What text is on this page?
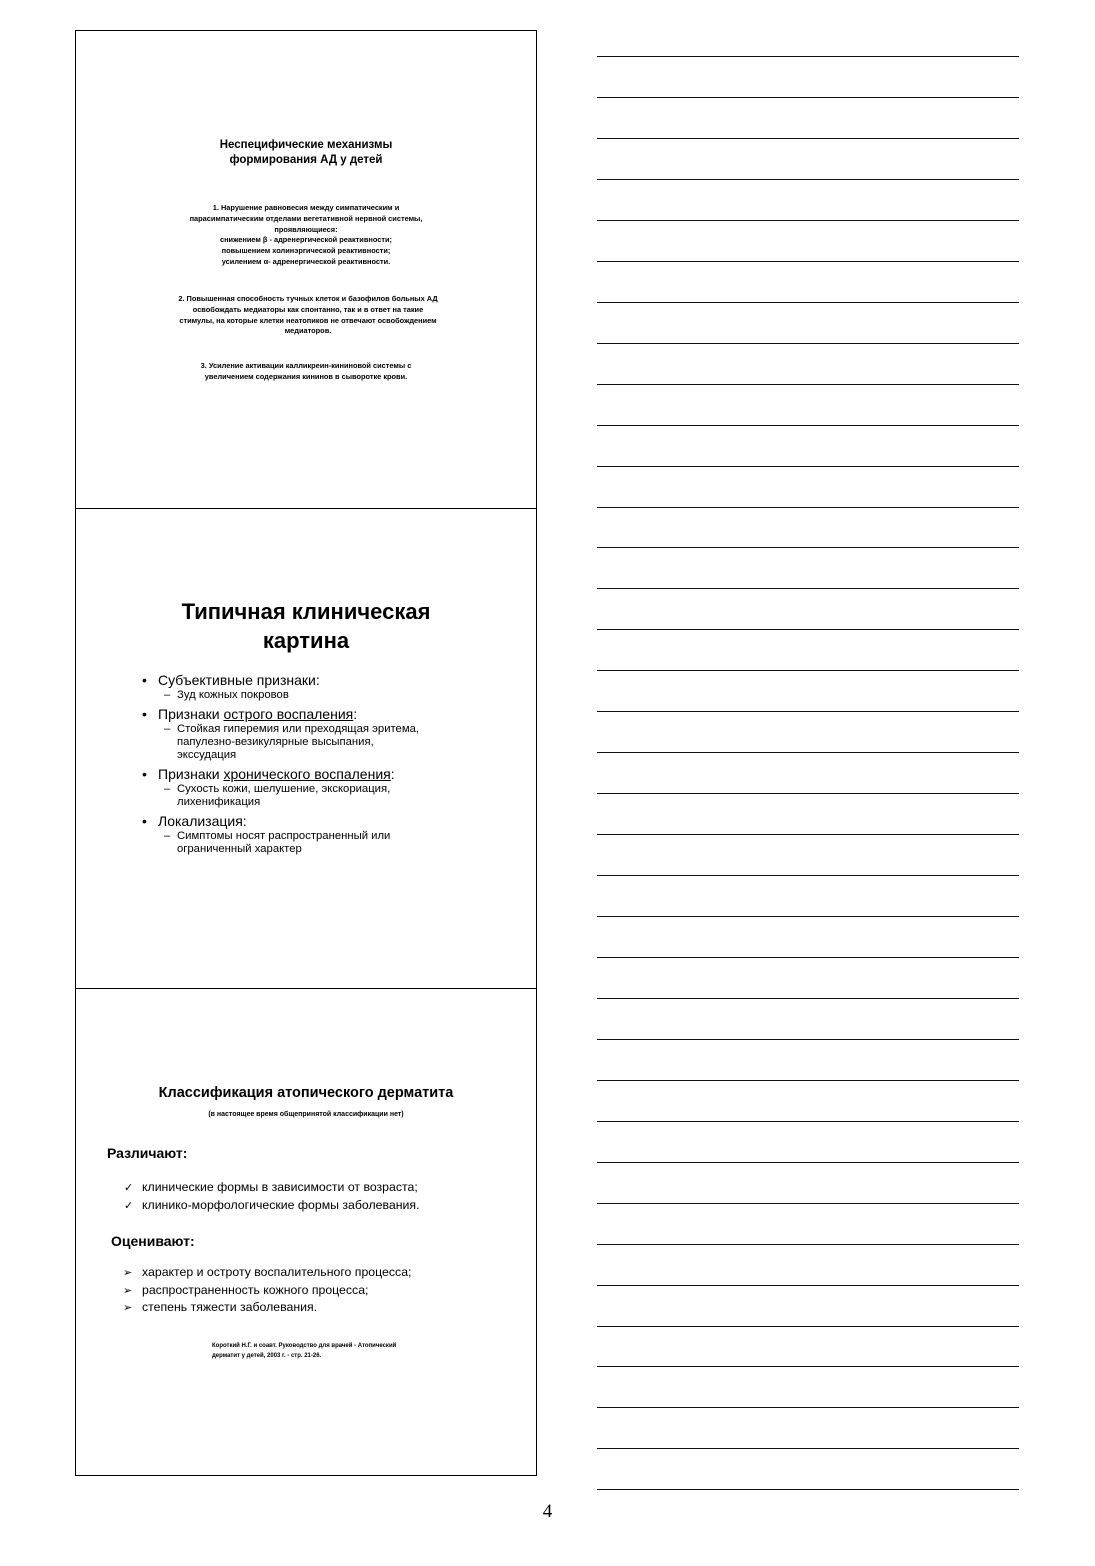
Неспецифические механизмы
формирования АД у детей
1. Нарушение равновесия между симпатическим и
парасимпатическим отделами вегетативной нервной системы,
проявляющиеся:
снижением β - адренергической реактивности;
повышением холинэргической реактивности;
усилением α- адренергической реактивности.
2. Повышенная способность тучных клеток и базофилов больных АД
освобождать медиаторы как спонтанно, так и в ответ на такие
стимулы, на которые клетки неатопиков не отвечают освобождением
медиаторов.
3. Усиление активации калликреин-кининовой системы с
увеличением содержания кининов в сыворотке крови.
Типичная клиническая
картина
• Субъективные признаки:
– Зуд кожных покровов
• Признаки острого воспаления:
– Стойкая гиперемия или преходящая эритема,
папулезно-везикулярные высыпания,
экссудация
• Признаки хронического воспаления:
– Сухость кожи, шелушение, экскориация,
лихенификация
• Локализация:
– Симптомы носят распространенный или
ограниченный характер
Классификация атопического дерматита
(в настоящее время общепринятой классификации нет)
Различают:
✓ клинические формы в зависимости от возраста;
✓ клинико-морфологические формы заболевания.
Оценивают:
➢ характер и остроту воспалительного процесса;
➢ распространенность кожного процесса;
➢ степень тяжести заболевания.
Короткий Н.Г. и соавт. Руководство для врачей - Атопический
дерматит у детей, 2003 г. - стр. 21-26.
4
